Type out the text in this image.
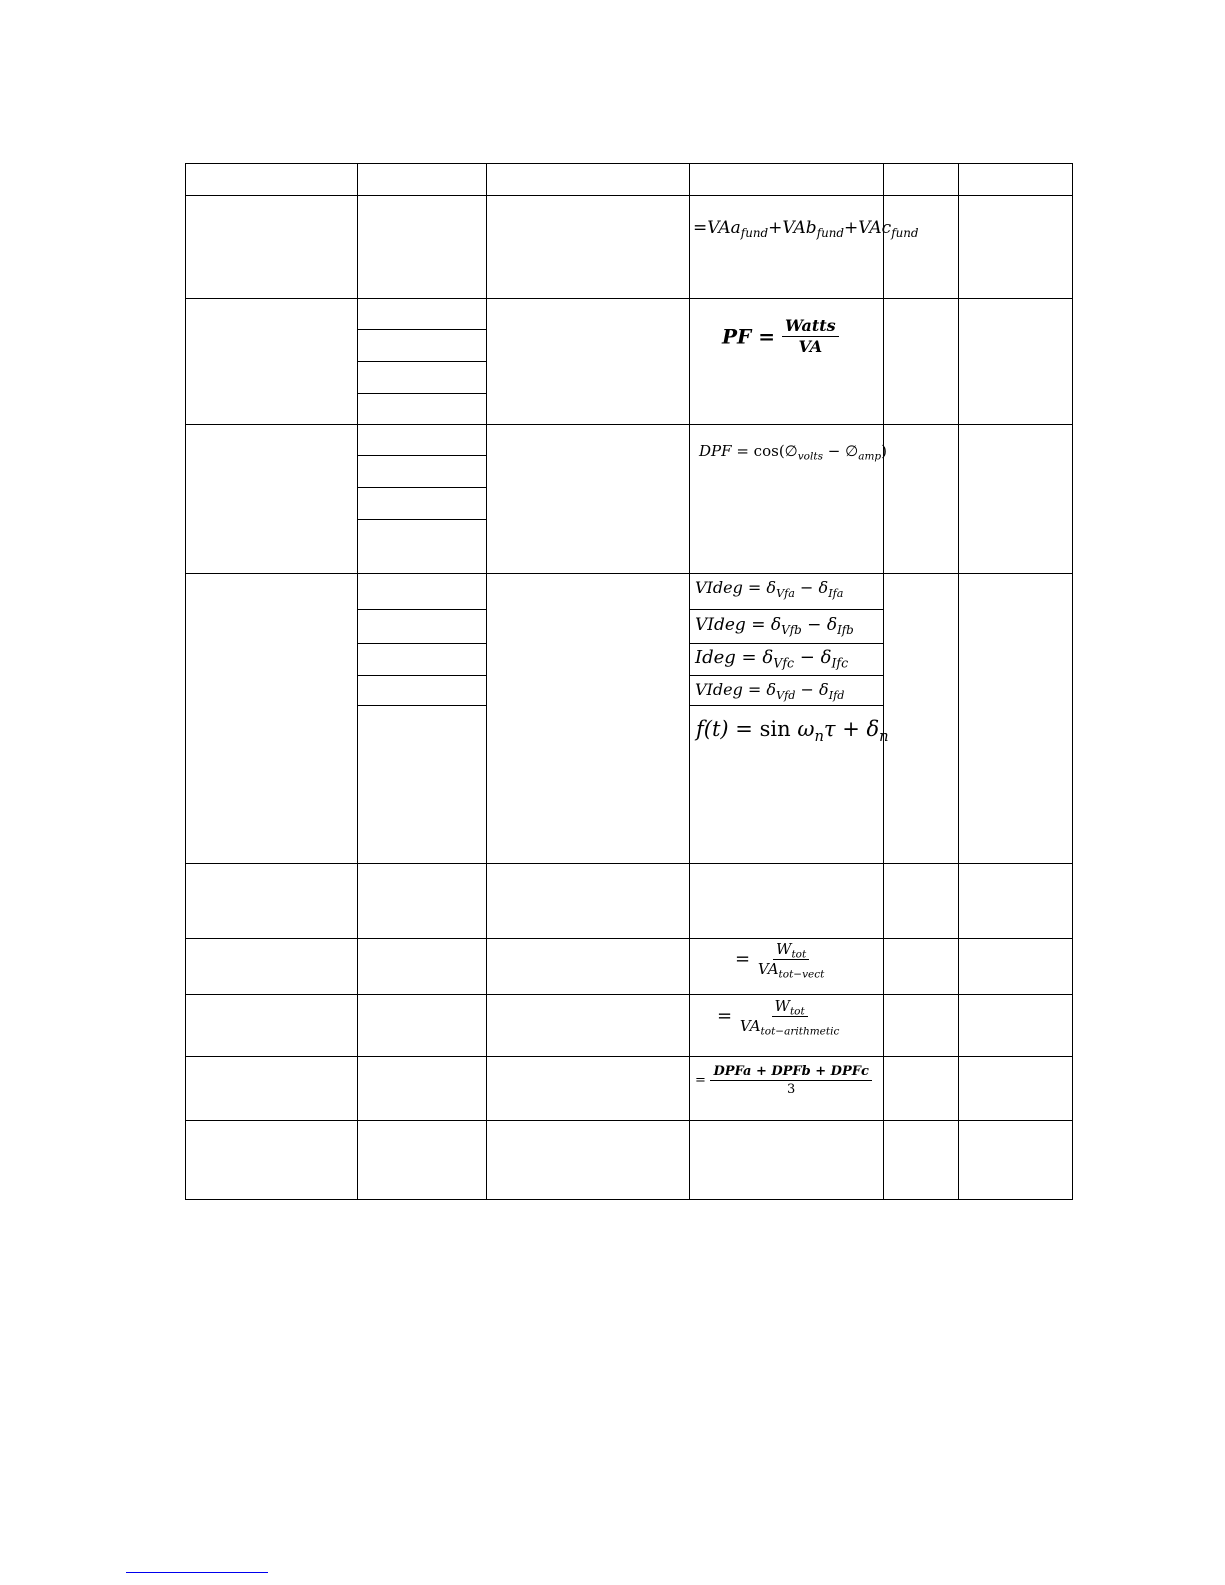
=VAa$_{fund}$+VAb$_{fund}$+VAc$_{fund}$
PF = $\frac{\text{Watts}}{VA}$
DPF = $\cos(\emptyset_{volts}$ − $\emptyset_{amp}$)
VIdeg = $\delta_{Vfa} - \delta_{Ifa}$
VIdeg = $\delta_{Vfb} - \delta_{Ifb}$
Ideg = $\delta_{Vfc} - \delta_{Ifc}$
VIdeg = $\delta_{Vfd} - \delta_{Ifd}$
$f(t) = \sin \omega_n\tau + \delta_n$
= $\frac{W_{tot}}{VA_{tot-vect}}$
= $\frac{W_{tot}}{VA_{tot-arithmetic}}$
= $\frac{\text{DPFa + DPFb + DPFc}}{3}$
